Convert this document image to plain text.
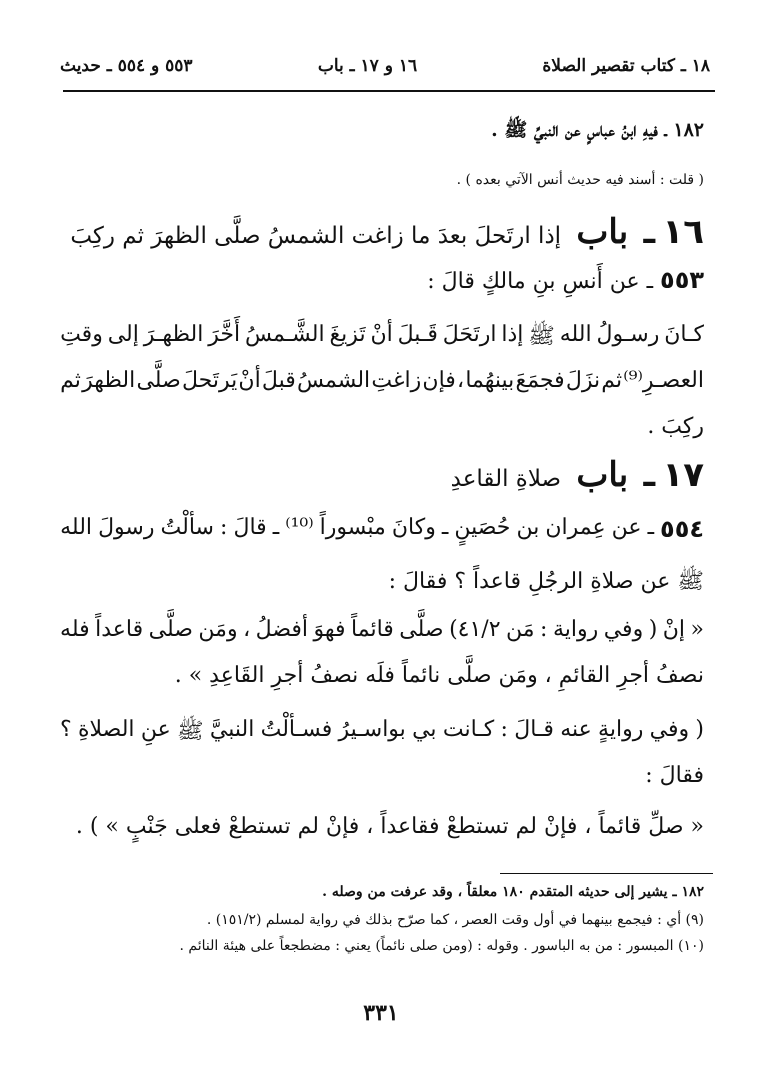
١٨ ـ كتاب تقصير الصلاة
١٦ و ١٧ ـ باب
٥٥٣ و ٥٥٤ ـ حديث
١٨٢ ـ فيهِ ابنُ عباسٍ عن النبيِّ ﷺ .
( قلت : أسند فيه حديث أنس الآتي بعده ) .
١٦ ـ باب إذا ارتَحلَ بعدَ ما زاغت الشمسُ صلَّى الظهرَ ثم ركِبَ
٥٥٣ ـ عن أَنسِ بنِ مالكٍ قالَ :
كـانَ
رسـولُ
الله
ﷺ
إذا
ارتَحَلَ
قَـبلَ
أنْ
تَزيغَ
الشَّـمسُ
أَخَّرَ
الظهـرَ
إلى
وقتِ
العصـرِ⁽⁹⁾
ثم
نزَلَ
فجمَعَ
بينهُما
،
فإن
زاغتِ
الشمسُ
قبلَ
أنْ
يَرتَحلَ
صلَّى
الظهرَ
ثم
ركِبَ .
١٧ ـ باب صلاةِ القاعدِ
٥٥٤
ـ
عن
عِمران
بن
حُصَينٍ
ـ
وكانَ
مبْسوراً
⁽¹⁰⁾
ـ
قالَ
:
سألْتُ
رسولَ
الله
ﷺ عن صلاةِ الرجُلِ قاعداً ؟ فقالَ :
«
إنْ
(
وفي
رواية
:
مَن
٤١/٢)
صلَّى
قائماً
فهوَ
أفضلُ
،
ومَن
صلَّى
قاعداً
فله
نصفُ أجرِ القائمِ ، ومَن صلَّى نائماً فلَه نصفُ أجرِ القَاعِدِ » .
(
وفي
روايةٍ
عنه
قـالَ
:
كـانت
بي
بواسـيرُ
فسـألْتُ
النبيَّ
ﷺ
عنِ
الصلاةِ
؟
فقالَ :
« صلِّ قائماً ، فإنْ لم تستطعْ فقاعداً ، فإنْ لم تستطعْ فعلى جَنْبٍ » ) .
١٨٢ ـ يشير إلى حديثه المتقدم ١٨٠ معلقاً ، وقد عرفت من وصله .
(٩) أي : فيجمع بينهما في أول وقت العصر ، كما صرّح بذلك في رواية لمسلم (١٥١/٢) .
(١٠) المبسور : من به الباسور . وقوله : (ومن صلى نائماً) يعني : مضطجعاً على هيئة النائم .
٣٣١
